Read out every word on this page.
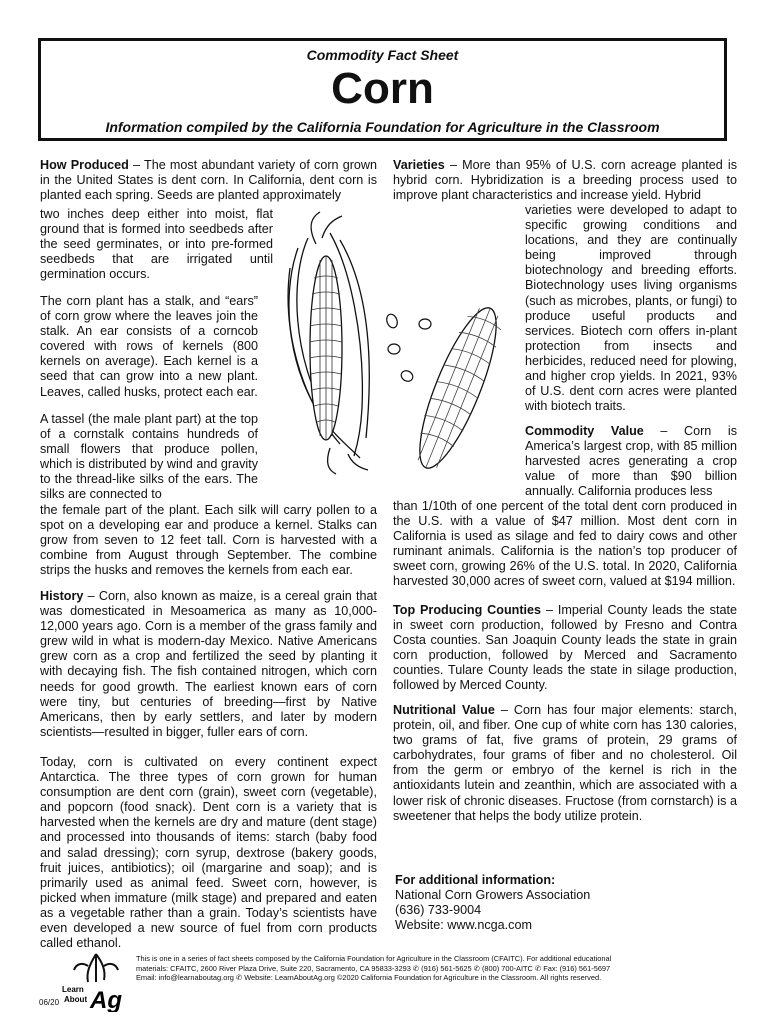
Commodity Fact Sheet
Corn
Information compiled by the California Foundation for Agriculture in the Classroom

How Produced – The most abundant variety of corn grown in the United States is dent corn. In California, dent corn is planted each spring. Seeds are planted approximately

two inches deep either into moist, flat ground that is formed into seedbeds after the seed germinates, or into pre-formed seedbeds that are irrigated until germination occurs.

The corn plant has a stalk, and “ears” of corn grow where the leaves join the stalk. An ear consists of a corncob covered with rows of kernels (800 kernels on average). Each kernel is a seed that can grow into a new plant. Leaves, called husks, protect each ear.

A tassel (the male plant part) at the top of a cornstalk contains hundreds of small flowers that produce pollen, which is distributed by wind and gravity to the thread-like silks of the ears. The silks are connected to

the female part of the plant. Each silk will carry pollen to a spot on a developing ear and produce a kernel. Stalks can grow from seven to 12 feet tall. Corn is harvested with a combine from August through September. The combine strips the husks and removes the kernels from each ear.

History – Corn, also known as maize, is a cereal grain that was domesticated in Mesoamerica as many as 10,000-12,000 years ago. Corn is a member of the grass family and grew wild in what is modern-day Mexico. Native Americans grew corn as a crop and fertilized the seed by planting it with decaying fish. The fish contained nitrogen, which corn needs for good growth. The earliest known ears of corn were tiny, but centuries of breeding—first by Native Americans, then by early settlers, and later by modern scientists—resulted in bigger, fuller ears of corn.

Today, corn is cultivated on every continent expect Antarctica. The three types of corn grown for human consumption are dent corn (grain), sweet corn (vegetable), and popcorn (food snack). Dent corn is a variety that is harvested when the kernels are dry and mature (dent stage) and processed into thousands of items: starch (baby food and salad dressing); corn syrup, dextrose (bakery goods, fruit juices, antibiotics); oil (margarine and soap); and is primarily used as animal feed. Sweet corn, however, is picked when immature (milk stage) and prepared and eaten as a vegetable rather than a grain. Today’s scientists have even developed a new source of fuel from corn products called ethanol.

Varieties – More than 95% of U.S. corn acreage planted is hybrid corn. Hybridization is a breeding process used to improve plant characteristics and increase yield. Hybrid

varieties were developed to adapt to specific growing conditions and locations, and they are continually being improved through biotechnology and breeding efforts. Biotechnology uses living organisms (such as microbes, plants, or fungi) to produce useful products and services. Biotech corn offers in-plant protection from insects and herbicides, reduced need for plowing, and higher crop yields. In 2021, 93% of U.S. dent corn acres were planted with biotech traits.

Commodity Value – Corn is America’s largest crop, with 85 million harvested acres generating a crop value of more than $90 billion annually. California produces less

than 1/10th of one percent of the total dent corn produced in the U.S. with a value of $47 million. Most dent corn in California is used as silage and fed to dairy cows and other ruminant animals. California is the nation’s top producer of sweet corn, growing 26% of the U.S. total. In 2020, California harvested 30,000 acres of sweet corn, valued at $194 million.

Top Producing Counties – Imperial County leads the state in sweet corn production, followed by Fresno and Contra Costa counties. San Joaquin County leads the state in grain corn production, followed by Merced and Sacramento counties. Tulare County leads the state in silage production, followed by Merced County.

Nutritional Value – Corn has four major elements: starch, protein, oil, and fiber. One cup of white corn has 130 calories, two grams of fat, five grams of protein, 29 grams of carbohydrates, four grams of fiber and no cholesterol. Oil from the germ or embryo of the kernel is rich in the antioxidants lutein and zeanthin, which are associated with a lower risk of chronic diseases. Fructose (from cornstarch) is a sweetener that helps the body utilize protein.

For additional information:
National Corn Growers Association
(636) 733-9004
Website: www.ncga.com
Learn
About Ag
06/20
This is one in a series of fact sheets composed by the California Foundation for Agriculture in the Classroom (CFAITC). For additional educational
materials: CFAITC, 2600 River Plaza Drive, Suite 220, Sacramento, CA 95833-3293 ✆ (916) 561-5625 ✆ (800) 700-AITC ✆ Fax: (916) 561-5697
Email: info@learnaboutag.org ✆ Website: LearnAboutAg.org ©2020 California Foundation for Agriculture in the Classroom. All rights reserved.
